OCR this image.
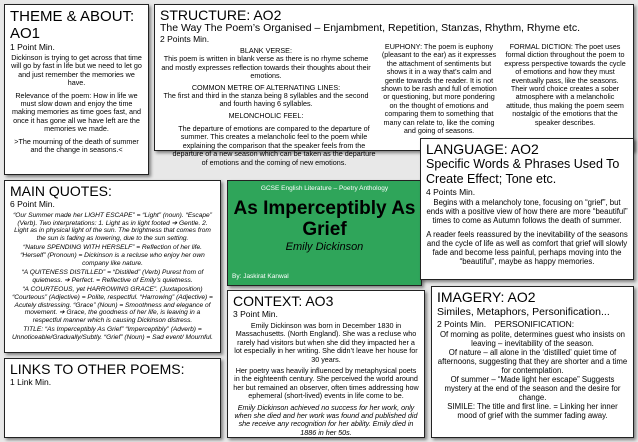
THEME & ABOUT: AO1
1 Point Min.
Dickinson is trying to get across that time will go by fast in life but we need to let go and just remember the memories we have.
Relevance of the poem: How in life we must slow down and enjoy the time making memories as time goes fast, and once it has gone all we have left are the memories we made.
>The mourning of the death of summer and the change in seasons.<
STRUCTURE: AO2
The Way The Poem’s Organised – Enjambment, Repetition, Stanzas, Rhythm, Rhyme etc.
2 Points Min.
BLANK VERSE:
This poem is written in blank verse as there is no rhyme scheme and mostly expresses reflection towards their thoughts about their emotions.
COMMON METRE OF ALTERNATING LINES:
The first and third in the stanza being 8 syllables and the second and fourth having 6 syllables.
MELONCHOLIC FEEL:
The departure of emotions are compared to the departure of summer. This creates a melancholic feel to the poem while explaining the comparison that the speaker feels from the departure of a new season which can be taken as the departure of emotions and the coming of new emotions.
EUPHONY: The poem is euphony (pleasant to the ear) as it expresses the attachment of sentiments but shows it in a way that’s calm and gentle towards the reader. It is not shown to be rash and full of emotion or questioning, but more pondering on the thought of emotions and comparing them to something that many can relate to, like the coming and going of seasons.
FORMAL DICTION: The poet uses formal diction throughout the poem to express perspective towards the cycle of emotions and how they must eventually pass, like the seasons. Their word choice creates a sober atmosphere with a melancholic attitude, thus making the poem seem nostalgic of the emotions that the speaker describes.
MAIN QUOTES:
6 Point Min.
“Our Summer made her LIGHT ESCAPE” = “Light” (noun). “Escape” (Verb). Two interpretations: 1. Light as in light footed ➔ Gentle. 2. Light as in physical light of the sun. The brightness that comes from the sun is fading as lowering, due to the sun setting.
“Nature SPENDING WITH HERSELF” = Reflection of her life. “Herself” (Pronoun) = Dickinson is a recluse who enjoy her own company like nature.
“A QUITENESS DISTILLED” = “Distilled” (Verb) Purest from of quietness. ➔ Perfect. = Reflective of Emily’s quietness.
“A COURTEOUS, yet HARROWING GRACE”. (Juxtaposition) “Courteous” (Adjective) = Polite, respectful. “Harrowing” (Adjective) = Acutely distressing. “Grace” (Noun) = Smoothness and elegance of movement. ➔ Grace, the goodness of her life, is leaving in a respectful manner which is causing Dickinson distress.
TITLE: “As Imperceptibly As Grief” “Imperceptibly” (Adverb) = Unnoticeable/Gradually/Subtly. “Grief” (Noun) = Sad event/ Mournful.
LINKS TO OTHER POEMS:
1 Link Min.
GCSE English Literature – Poetry Anthology
As Imperceptibly As Grief
Emily Dickinson
By: Jaskirat Kanwal
CONTEXT: AO3
3 Point Min.
Emily Dickinson was born in December 1830 in Massachusetts. (North England). She was a recluse who rarely had visitors but when she did they impacted her a lot especially in her writing. She didn’t leave her house for 30 years.
Her poetry was heavily influenced by metaphysical poets in the eighteenth century. She perceived the world around her but remained an observer, often times addressing how ephemeral (short-lived) events in life come to be.
Emily Dickinson achieved no success for her work, only when she died and her work was found and published did she receive any recognition for her ability. Emily died in 1886 in her 50s.
LANGUAGE: AO2
Specific Words & Phrases Used To Create Effect; Tone etc.
4 Points Min.
Begins with a melancholy tone, focusing on “grief”, but ends with a positive view of how there are more “beautiful” times to come as Autumn follows the death of summer.
A reader feels reassured by the inevitability of the seasons and the cycle of life as well as comfort that grief will slowly fade and become less painful, perhaps moving into the “beautiful”, maybe as happy memories.
IMAGERY: AO2
Similes, Metaphors, Personification...
2 Points Min. PERSONIFICATION:
Of morning as polite, determines guest who insists on leaving – inevitability of the season.
Of nature – all alone in the ‘distilled’ quiet time of afternoons, suggesting that they are shorter and a time for contemplation.
Of summer – “Made light her escape” Suggests mystery at the end of the season and the desire for change.
SIMILE: The title and first line. = Linking her inner mood of grief with the summer fading away.
